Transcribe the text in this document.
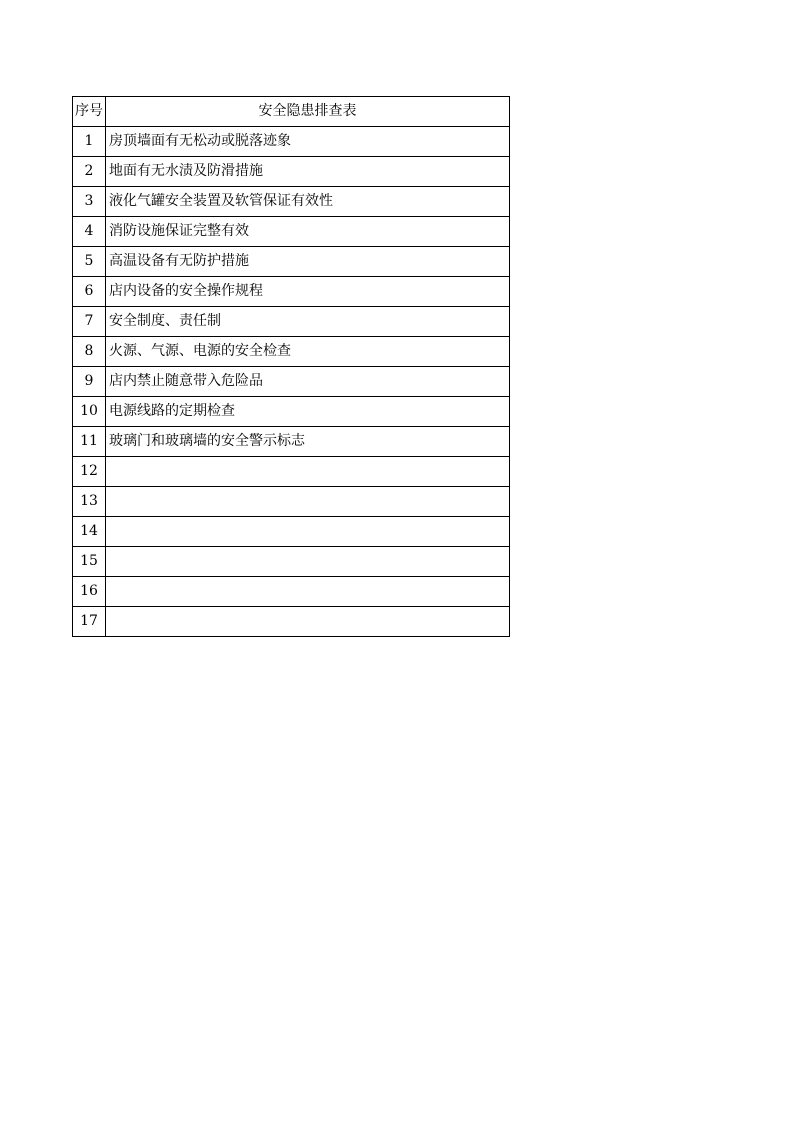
序号	安全隐患排查表
1	房顶墙面有无松动或脱落迹象
2	地面有无水渍及防滑措施
3	液化气罐安全装置及软管保证有效性
4	消防设施保证完整有效
5	高温设备有无防护措施
6	店内设备的安全操作规程
7	安全制度、责任制
8	火源、气源、电源的安全检查
9	店内禁止随意带入危险品
10	电源线路的定期检查
11	玻璃门和玻璃墙的安全警示标志
12	
13	
14	
15	
16	
17	
